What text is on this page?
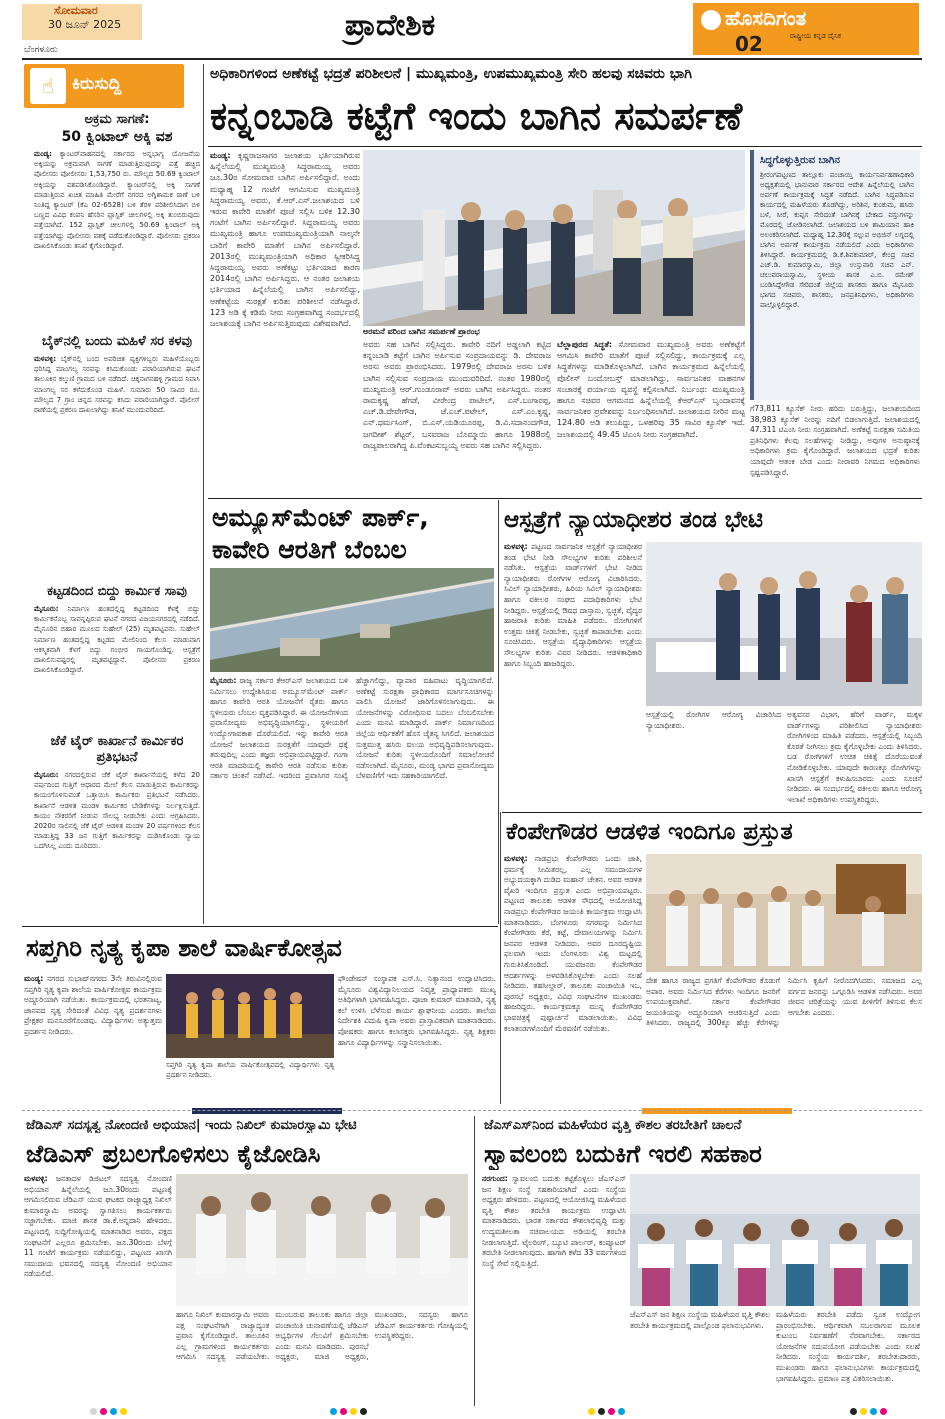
ಸೋಮವಾರ
30 ಜೂನ್ 2025
ಬೆಂಗಳೂರು
ಪ್ರಾದೇಶಿಕ	ಹೊಸದಿಗಂತ
ರಾಷ್ಟ್ರೀಯ ಕನ್ನಡ ದೈನಿಕ
02
☝	ಕಿರುಸುದ್ದಿ
ಅಕ್ರಮ ಸಾಗಣೆ:
50 ಕ್ವಿಂಟಾಲ್ ಅಕ್ಕಿ ವಶ
ಮಂಡ್ಯ: ಕ್ಯಾಂಟರ್‌ವಾಹನದಲ್ಲಿ ಸರ್ಕಾರದ ಅನ್ನಭಾಗ್ಯ ಯೋಜನೆಯ ಅಕ್ಕಿಯನ್ನು ಅಕ್ರಮವಾಗಿ ಸಾಗಣೆ ಮಾಡುತ್ತಿರುವುದನ್ನು ಪತ್ತೆ ಹಚ್ಚಿದ ಪೊಲೀಸರು ಪೋಲೀಸರು 1,53,750 ರು. ಮೌಲ್ಯದ 50.69 ಕ್ವಿಂಟಾಲ್ ಅಕ್ಕಿಯನ್ನು ವಶಪಡಿಸಿಕೊಂಡಿದ್ದಾರೆ. ಕ್ಯಾಂಟರ್‌ನಲ್ಲಿ ಅಕ್ಕಿ ಸಾಗಣೆ ಮಾಡುತ್ತಿರುವ ಖಚಿತ ಮಾಹಿತಿ ಮೇರೆಗೆ ನಗರದ ಅಗ್ನಿಶಾಮಕ ಠಾಣೆ ಬಳಿ ನಿಂತಿದ್ದ ಕ್ಯಾಂಟರ್ (ಕೆಎ 02-6528) ಬಳಿ ತೆರಳಿ ಪರಿಶೀಲಿಸಿದಾಗ ಬಿಳಿ ಬಣ್ಣದ ವಿವಿಧ ಕಂಪನಿ ಹೆಸರಿನ ಪ್ಲಾಸ್ಟಿಕ್ ಚೀಲಗಳಲ್ಲಿ ಅಕ್ಕಿ ತುಂಬಿರುವುದು ಪತ್ತೆಯಾಗಿದೆ. 152 ಪ್ಲಾಸ್ಟಿಕ್ ಚೀಲಗಳಲ್ಲಿ 50.69 ಕ್ವಿಂಟಾಲ್ ಅಕ್ಕಿ ಪತ್ತೆಯಾಗಿದ್ದು ಪೊಲೀಸರು ವಶಕ್ಕೆ ಪಡೆದುಕೊಂಡಿದ್ದಾರೆ. ಪೊಲೀಸರು ಪ್ರಕರಣ ದಾಖಲಿಸಿಕೊಂಡು ತನಿಖೆ ಕೈಗೊಂಡಿದ್ದಾರೆ.
ಬೈಕ್‌ನಲ್ಲಿ ಬಂದು ಮಹಿಳೆ ಸರ ಕಳವು
ಮಳವಳ್ಳಿ: ಬೈಕ್‌ನಲ್ಲಿ ಬಂದ ಅಪರಿಚಿತ ವ್ಯಕ್ತಿಗಳಿಬ್ಬರು ಮಹಿಳೆಯೊಬ್ಬರು ಧರಿಸಿದ್ದ ಮಾಂಗಲ್ಯ ಸರವನ್ನು ಕಸಿದುಕೊಂಡು ಪರಾರಿಯಾಗಿರುವ ಘಟನೆ ತಾಲೂಕಿನ ಕಲ್ಕುಣಿ ಗ್ರಾಮದ ಬಳಿ ನಡೆದಿದೆ. ಚಿಕ್ಕನಾಗನಹಳ್ಳಿ ಗ್ರಾಮದ ನಿವಾಸಿ ಮಾಂಗಲ್ಯ ಸರ ಕಳೆದುಕೊಂಡ ಮಹಿಳೆ. ಸುಮಾರು 50 ಸಾವಿರ ರೂ. ಮೌಲ್ಯದ 7 ಗ್ರಾಂ ಚಿನ್ನದ ಸರವನ್ನು ಕಸಿದು ಪರಾರಿಯಾಗಿದ್ದಾರೆ. ಪೊಲೀಸ್ ಠಾಣೆಯಲ್ಲಿ ಪ್ರಕರಣ ದಾಖಲಾಗಿದ್ದು ತನಿಖೆ ಮುಂದುವರಿದಿದೆ.
ಕಟ್ಟಡದಿಂದ ಬಿದ್ದು ಕಾರ್ಮಿಕ ಸಾವು
ಮೈಸೂರು: ನಿರ್ಮಾಣ ಹಂತದಲ್ಲಿದ್ದ ಕಟ್ಟಡದಿಂದ ಕೆಳಕ್ಕೆ ಬಿದ್ದು ಕಾರ್ಮಿಕನೊಬ್ಬ ಸಾವನ್ನಪ್ಪಿರುವ ಘಟನೆ ನಗರದ ವಿಜಯನಗರದಲ್ಲಿ ನಡೆದಿದೆ. ಮೈಸೂರಿನ ಬಿಹಾರ ಮೂಲದ ಸುಹೇಲ್ (25) ಮೃತಪಟ್ಟವನು. ಸುಹೇಲ್ ನಿರ್ಮಾಣ ಹಂತದಲ್ಲಿದ್ದ ಕಟ್ಟಡದ ಮೇಲಿನಿಂದ ಕೆಲಸ ಮಾಡುವಾಗ ಆಕಸ್ಮಿಕವಾಗಿ ಕೆಳಗೆ ಬಿದ್ದು ಗಂಭೀರ ಗಾಯಗೊಂಡಿದ್ದ. ಆಸ್ಪತ್ರೆಗೆ ದಾಖಲಿಸುವಷ್ಟರಲ್ಲಿ ಮೃತಪಟ್ಟಿದ್ದಾನೆ. ಪೊಲೀಸರು ಪ್ರಕರಣ ದಾಖಲಿಸಿಕೊಂಡಿದ್ದಾರೆ.
ಜೆಕೆ ಟೈರ್ ಕಾರ್ಖಾನೆ ಕಾರ್ಮಿಕರ ಪ್ರತಿಭಟನೆ
ಮೈಸೂರು: ನಗರದಲ್ಲಿರುವ ಜೆಕೆ ಟೈರ್ ಕಾರ್ಖಾನೆಯಲ್ಲಿ ಕಳೆದ 20 ವರ್ಷದಿಂದ ಗುತ್ತಿಗೆ ಆಧಾರದ ಮೇಲೆ ಕೆಲಸ ಮಾಡುತ್ತಿರುವ ಕಾರ್ಮಿಕರನ್ನು ಕಾಯಂಗೊಳಿಸುವಂತೆ ಒತ್ತಾಯಿಸಿ ಕಾರ್ಮಿಕರು ಪ್ರತಿಭಟನೆ ನಡೆಸಿದರು. ಕಾರ್ಖಾನೆ ಆಡಳಿತ ಮಂಡಳಿ ಕಾರ್ಮಿಕರ ಬೇಡಿಕೆಗಳನ್ನು ನಿರ್ಲಕ್ಷಿಸುತ್ತಿದೆ. ಕಾಯಂ ನೌಕರರಿಗೆ ನೀಡುವ ಸೌಲಭ್ಯ ನೀಡಬೇಕು ಎಂದು ಆಗ್ರಹಿಸಿದರು. 2020ರ ಸಾಲಿನಲ್ಲಿ ಜೆಕೆ ಟೈರ್ ಆಡಳಿತ ಮಂಡಳಿ 20 ವರ್ಷಗಳಿಂದ ಕೆಲಸ ಮಾಡುತ್ತಿದ್ದ 33 ಜನ ಗುತ್ತಿಗೆ ಕಾರ್ಮಿಕರನ್ನು ದುಡಿಸಿಕೊಂಡು ನ್ಯಾಯ ಒದಗಿಸಿಲ್ಲ ಎಂದು ದೂರಿದರು.
ಅಧಿಕಾರಿಗಳಿಂದ ಅಣೆಕಟ್ಟೆ ಭದ್ರತೆ ಪರಿಶೀಲನೆ | ಮುಖ್ಯಮಂತ್ರಿ, ಉಪಮುಖ್ಯಮಂತ್ರಿ ಸೇರಿ ಹಲವು ಸಚಿವರು ಭಾಗಿ
ಕನ್ನಂಬಾಡಿ ಕಟ್ಟೆಗೆ ಇಂದು ಬಾಗಿನ ಸಮರ್ಪಣೆ
ಮಂಡ್ಯ: ಕೃಷ್ಣರಾಜಸಾಗರ ಜಲಾಶಯ ಭರ್ತಿಯಾಗಿರುವ ಹಿನ್ನೆಲೆಯಲ್ಲಿ ಮುಖ್ಯಮಂತ್ರಿ ಸಿದ್ದರಾಮಯ್ಯ ಅವರು ಜೂ.30ರ ಸೋಮವಾರ ಬಾಗಿನ ಅರ್ಪಿಸಲಿದ್ದಾರೆ. ಅಂದು ಮಧ್ಯಾಹ್ನ 12 ಗಂಟೆಗೆ ಆಗಮಿಸುವ ಮುಖ್ಯಮಂತ್ರಿ ಸಿದ್ದರಾಮಯ್ಯ ಅವರು, ಕೆ.ಆರ್.ಎಸ್.ಜಲಾಶಯದ ಬಳಿ ಇರುವ ಕಾವೇರಿ ಮಾತೆಗೆ ಪೂಜೆ ಸಲ್ಲಿಸಿ ಬಳಿಕ 12.30 ಗಂಟೆಗೆ ಬಾಗಿನ ಅರ್ಪಿಸಲಿದ್ದಾರೆ. ಸಿದ್ದರಾಮಯ್ಯ ಅವರು ಮುಖ್ಯಮಂತ್ರಿ ಹಾಗೂ ಉಪಮುಖ್ಯಮಂತ್ರಿಯಾಗಿ ನಾಲ್ಕನೇ ಬಾರಿಗೆ ಕಾವೇರಿ ಮಾತೆಗೆ ಬಾಗಿನ ಅರ್ಪಿಸಲಿದ್ದಾರೆ. 2013ರಲ್ಲಿ ಮುಖ್ಯಮಂತ್ರಿಯಾಗಿ ಅಧಿಕಾರ ಸ್ವೀಕರಿಸಿದ್ದ ಸಿದ್ದರಾಮಯ್ಯ ಅವರು ಅಣೆಕಟ್ಟು ಭರ್ತಿಯಾದ ಕಾರಣ 2014ರಲ್ಲಿ ಬಾಗಿನ ಅರ್ಪಿಸಿದ್ದರು. ಆ ನಂತರ ಜಲಾಶಯ ಭರ್ತಿಯಾದ ಹಿನ್ನೆಲೆಯಲ್ಲಿ ಬಾಗಿನ ಅರ್ಪಿಸಲಿದ್ದು, ಅಣೆಕಟ್ಟೆಯ ಸುರಕ್ಷತೆ ಕುರಿತು ಪರಿಶೀಲನೆ ನಡೆಸಿದ್ದಾರೆ. 123 ಅಡಿ ಕ್ಕೆ ಕಡಿಮೆ ನೀರು ಸಂಗ್ರಹವಾಗಿದ್ದ ಸಂದರ್ಭದಲ್ಲಿ ಜಲಾಶಯಕ್ಕೆ ಬಾಗಿನ ಅರ್ಪಿಸುತ್ತಿರುವುದು ವಿಶೇಷವಾಗಿದೆ.
ಅರಮನೆ ವರಿಂದ ಬಾಗಿನ ಸಮರ್ಪಣೆ ಪ್ರಾರಂಭ
ಅವರು ಸಹ ಬಾಗಿನ ಸಲ್ಲಿಸಿದ್ದರು. ಕಾವೇರಿ ನದಿಗೆ ಅಡ್ಡಲಾಗಿ ಕಟ್ಟಿದ ಕನ್ನಂಬಾಡಿ ಕಟ್ಟೆಗೆ ಬಾಗಿನ ಅರ್ಪಿಸುವ ಸಂಪ್ರದಾಯವನ್ನು ಡಿ. ದೇವರಾಜ ಅರಸು ಅವರು ಪ್ರಾರಂಭಿಸಿದರು. 1979ರಲ್ಲಿ ದೇವರಾಜ ಅರಸು ಬಳಿಕ ಬಾಗಿನ ಸಲ್ಲಿಸುವ ಸಂಪ್ರದಾಯ ಮುಂದುವರಿದಿದೆ. ನಂತರ 1980ರಲ್ಲಿ ಮುಖ್ಯಮಂತ್ರಿ ಆರ್.ಗುಂಡೂರಾವ್ ಅವರು ಬಾಗಿನ ಅರ್ಪಿಸಿದ್ದರು. ನಂತರ ರಾಮಕೃಷ್ಣ ಹೆಗಡೆ, ವೀರೇಂದ್ರ ಪಾಟೀಲ್, ಎಸ್.ಬಂಗಾರಪ್ಪ, ಎಚ್.ಡಿ.ದೇವೇಗೌಡ, ಜೆ.ಎಚ್.ಪಟೇಲ್, ಎಸ್.ಎಂ.ಕೃಷ್ಣ, ಎನ್.ಧರ್ಮಸಿಂಗ್, ಬಿ.ಎಸ್.ಯಡಿಯೂರಪ್ಪ, ಡಿ.ವಿ.ಸದಾನಂದಗೌಡ, ಜಗದೀಶ್ ಶೆಟ್ಟರ್, ಬಸವರಾಜ ಬೊಮ್ಮಾಯಿ ಹಾಗೂ 1988ರಲ್ಲಿ ರಾಜ್ಯಪಾಲರಾಗಿದ್ದ ಪಿ.ವೆಂಕಟಸುಬ್ಬಯ್ಯ ಅವರು ಸಹ ಬಾಗಿನ ಸಲ್ಲಿಸಿದ್ದರು.
ಬೆಲ್ಲಾಪುರದ ಸಿದ್ಧತೆ: ಸೋಮವಾರ ಮುಖ್ಯಮಂತ್ರಿ ಅವರು ಅಣೆಕಟ್ಟೆಗೆ ಆಗಮಿಸಿ ಕಾವೇರಿ ಮಾತೆಗೆ ಪೂಜೆ ಸಲ್ಲಿಸಲಿದ್ದು, ಕಾರ್ಯಕ್ರಮಕ್ಕೆ ಎಲ್ಲ ಸಿದ್ಧತೆಗಳನ್ನು ಮಾಡಿಕೊಳ್ಳಲಾಗಿದೆ. ಬಾಗಿನ ಕಾರ್ಯಕ್ರಮದ ಹಿನ್ನೆಲೆಯಲ್ಲಿ ಪೊಲೀಸ್ ಬಂದೋಬಸ್ತ್ ಮಾಡಲಾಗಿದ್ದು, ಸಾರ್ವಜನಿಕರ ವಾಹನಗಳ ಸಂಚಾರಕ್ಕೆ ಪರ್ಯಾಯ ವ್ಯವಸ್ಥೆ ಕಲ್ಪಿಸಲಾಗಿದೆ. ನಿರ್ಬಂಧ: ಮುಖ್ಯಮಂತ್ರಿ ಹಾಗೂ ಸಚಿವರ ಆಗಮನದ ಹಿನ್ನೆಲೆಯಲ್ಲಿ ಕೆಆರ್‌ಎಸ್ ಬೃಂದಾವನಕ್ಕೆ ಸಾರ್ವಜನಿಕರ ಪ್ರವೇಶವನ್ನು ನಿರ್ಬಂಧಿಸಲಾಗಿದೆ. ಜಲಾಶಯದ ನೀರಿನ ಮಟ್ಟ 124.80 ಅಡಿ ತಲುಪಿದ್ದು, ಒಳಹರಿವು 35 ಸಾವಿರ ಕ್ಯೂಸೆಕ್ ಇದೆ. ಜಲಾಶಯದಲ್ಲಿ 49.45 ಟಿಎಂಸಿ ನೀರು ಸಂಗ್ರಹವಾಗಿದೆ.
ಸಿದ್ಧಗೊಳ್ಳುತ್ತಿರುವ ಬಾಗಿನ
ಶ್ರೀರಂಗಪಟ್ಟಣದ ತಾಲ್ಲೂಕು ಪಂಚಾಯ್ತಿ ಕಾರ್ಯನಿರ್ವಹಣಾಧಿಕಾರಿ ಅಧ್ಯಕ್ಷತೆಯಲ್ಲಿ ಭಾನುವಾರ ಸರ್ಕಾರದ ಆದೇಶ ಹಿನ್ನೆಲೆಯಲ್ಲಿ ಬಾಗಿನ ಅರ್ಪಣೆ ಕಾರ್ಯಕ್ರಮಕ್ಕೆ ಸಿದ್ಧತೆ ನಡೆದಿದೆ. ಬಾಗಿನ ಸಿದ್ಧಪಡಿಸುವ ಕಾರ್ಯದಲ್ಲಿ ಮಹಿಳೆಯರು ತೊಡಗಿದ್ದು, ಅರಿಶಿನ, ಕುಂಕುಮ, ಹಸಿರು ಬಳೆ, ಸೀರೆ, ಕುಪ್ಪಸ ಸೇರಿದಂತೆ ಬಾಗಿನಕ್ಕೆ ಬೇಕಾದ ವಸ್ತುಗಳನ್ನು ಮೊರದಲ್ಲಿ ಜೋಡಿಸಲಾಗಿದೆ. ಜಲಾಶಯದ ಬಳಿ ಶಾಮಿಯಾನ ಹಾಕಿ ಅಲಂಕರಿಸಲಾಗಿದೆ. ಮಧ್ಯಾಹ್ನ 12.30ಕ್ಕೆ ಸಲ್ಲುವ ಅಭಿಜಿನ್ ಲಗ್ನದಲ್ಲಿ ಬಾಗಿನ ಅರ್ಪಣೆ ಕಾರ್ಯಕ್ರಮ ನಡೆಯಲಿದೆ ಎಂದು ಅಧಿಕಾರಿಗಳು ತಿಳಿಸಿದ್ದಾರೆ. ಕಾರ್ಯಕ್ರಮದಲ್ಲಿ ಡಿ.ಕೆ.ಶಿವಕುಮಾರ್, ಕೇಂದ್ರ ಸಚಿವ ಎಚ್.ಡಿ. ಕುಮಾರಸ್ವಾಮಿ, ಜಿಲ್ಲಾ ಉಸ್ತುವಾರಿ ಸಚಿವ ಎನ್. ಚಲುವರಾಯಸ್ವಾಮಿ, ಸ್ಥಳೀಯ ಶಾಸಕ ಎ.ಬಿ. ರಮೇಶ್ ಬಂಡಿಸಿದ್ದೇಗೌಡ ಸೇರಿದಂತೆ ಜಿಲ್ಲೆಯ ಶಾಸಕರು ಹಾಗೂ ಮೈಸೂರು ಭಾಗದ ಸಚಿವರು, ಶಾಸಕರು, ಜನಪ್ರತಿನಿಧಿಗಳು, ಅಧಿಕಾರಿಗಳು ಪಾಲ್ಗೊಳ್ಳಲಿದ್ದಾರೆ.
ಗೆ73,811 ಕ್ಯೂಸೆಕ್ ನೀರು ಹರಿದು ಬರುತ್ತಿದ್ದು, ಜಲಾಶಯದಿಂದ 38,983 ಕ್ಯೂಸೆಕ್ ನೀರನ್ನು ನದಿಗೆ ಬಿಡಲಾಗುತ್ತಿದೆ. ಜಲಾಶಯದಲ್ಲಿ 47.311 ಟಿಎಂಸಿ ನೀರು ಸಂಗ್ರಹವಾಗಿದೆ. ಅಣೆಕಟ್ಟೆ ಸುರಕ್ಷತಾ ಸಮಿತಿಯ ಪ್ರತಿನಿಧಿಗಳು ಕೆಲವು ಸಲಹೆಗಳನ್ನು ನೀಡಿದ್ದು, ಅವುಗಳ ಅನುಷ್ಠಾನಕ್ಕೆ ಅಧಿಕಾರಿಗಳು ಕ್ರಮ ಕೈಗೊಂಡಿದ್ದಾರೆ. ಜಲಾಶಯದ ಭದ್ರತೆ ಕುರಿತು ಯಾವುದೇ ಆತಂಕ ಬೇಡ ಎಂದು ನೀರಾವರಿ ನಿಗಮದ ಅಧಿಕಾರಿಗಳು ಸ್ಪಷ್ಟಪಡಿಸಿದ್ದಾರೆ.
ಅಮ್ಯೂಸ್‌ಮೆಂಟ್ ಪಾರ್ಕ್,
ಕಾವೇರಿ ಆರತಿಗೆ ಬೆಂಬಲ
ಮೈಸೂರು: ರಾಜ್ಯ ಸರ್ಕಾರ ಕೆಆರ್‌ಎಸ್ ಜಲಾಶಯದ ಬಳಿ ನಿರ್ಮಿಸಲು ಉದ್ದೇಶಿಸಿರುವ ಅಮ್ಯೂಸ್‌ಮೆಂಟ್ ಪಾರ್ಕ್ ಹಾಗೂ ಕಾವೇರಿ ಆರತಿ ಯೋಜನೆಗೆ ರೈತರು ಹಾಗೂ ಸ್ಥಳೀಯರು ಬೆಂಬಲ ವ್ಯಕ್ತಪಡಿಸಿದ್ದಾರೆ. ಈ ಯೋಜನೆಗಳಿಂದ ಪ್ರವಾಸೋದ್ಯಮ ಅಭಿವೃದ್ಧಿಯಾಗಲಿದ್ದು, ಸ್ಥಳೀಯರಿಗೆ ಉದ್ಯೋಗಾವಕಾಶ ದೊರೆಯಲಿದೆ. ಇನ್ನು ಕಾವೇರಿ ಆರತಿ ಯೋಜನೆ ಜಲಾಶಯದ ಸುರಕ್ಷತೆಗೆ ಯಾವುದೇ ಧಕ್ಕೆ ತರುವುದಿಲ್ಲ ಎಂದು ತಜ್ಞರು ಅಭಿಪ್ರಾಯಪಟ್ಟಿದ್ದಾರೆ. ಗಂಗಾ ಆರತಿ ಮಾದರಿಯಲ್ಲಿ ಕಾವೇರಿ ಆರತಿ ನಡೆಸುವ ಕುರಿತು ಸರ್ಕಾರ ಚಿಂತನೆ ನಡೆಸಿದೆ. ಇದರಿಂದ ಪ್ರವಾಸಿಗರ ಸಂಖ್ಯೆ ಹೆಚ್ಚಾಗಲಿದ್ದು, ವ್ಯಾಪಾರ ವಹಿವಾಟು ವೃದ್ಧಿಯಾಗಲಿದೆ. ಅಣೆಕಟ್ಟೆ ಸುರಕ್ಷತಾ ಪ್ರಾಧಿಕಾರದ ಮಾರ್ಗಸೂಚಿಗಳನ್ನು ಪಾಲಿಸಿ ಯೋಜನೆ ಜಾರಿಗೊಳಿಸಲಾಗುವುದು. ಈ ಯೋಜನೆಗಳನ್ನು ವಿರೋಧಿಸುವ ಬದಲು ಬೆಂಬಲಿಸಬೇಕು ಎಂದು ಮನವಿ ಮಾಡಿದ್ದಾರೆ. ಪಾರ್ಕ್ ನಿರ್ಮಾಣದಿಂದ ಜಿಲ್ಲೆಯ ಆರ್ಥಿಕತೆಗೆ ಹೊಸ ಚೈತನ್ಯ ಸಿಗಲಿದೆ. ಜಲಾಶಯದ ಸುತ್ತಮುತ್ತ ಹಸಿರು ವಲಯ ಅಭಿವೃದ್ಧಿಪಡಿಸಲಾಗುವುದು. ಯೋಜನೆ ಕುರಿತು ಸ್ಥಳೀಯರೊಂದಿಗೆ ಸಮಾಲೋಚನೆ ನಡೆಸಲಾಗಿದೆ. ಮೈಸೂರು, ಮಂಡ್ಯ ಭಾಗದ ಪ್ರವಾಸೋದ್ಯಮ ಬೆಳವಣಿಗೆಗೆ ಇದು ಸಹಕಾರಿಯಾಗಲಿದೆ.
ಆಸ್ಪತ್ರೆಗೆ ನ್ಯಾಯಾಧೀಶರ ತಂಡ ಭೇಟಿ
ಮಳವಳ್ಳಿ: ಪಟ್ಟಣದ ಸಾರ್ವಜನಿಕ ಆಸ್ಪತ್ರೆಗೆ ನ್ಯಾಯಾಧೀಶರ ತಂಡ ಭೇಟಿ ನೀಡಿ ಸೌಲಭ್ಯಗಳ ಕುರಿತು ಪರಿಶೀಲನೆ ನಡೆಸಿತು. ಆಸ್ಪತ್ರೆಯ ವಾರ್ಡ್‌ಗಳಿಗೆ ಭೇಟಿ ನೀಡಿದ ನ್ಯಾಯಾಧೀಶರು ರೋಗಿಗಳ ಆರೋಗ್ಯ ವಿಚಾರಿಸಿದರು. ಸಿವಿಲ್ ನ್ಯಾಯಾಧೀಶರು, ಹಿರಿಯ ಸಿವಿಲ್ ನ್ಯಾಯಾಧೀಶರು ಹಾಗೂ ವಕೀಲರ ಸಂಘದ ಪದಾಧಿಕಾರಿಗಳು ಭೇಟಿ ನೀಡಿದ್ದರು. ಆಸ್ಪತ್ರೆಯಲ್ಲಿ ಔಷಧ ದಾಸ್ತಾನು, ಸ್ವಚ್ಛತೆ, ವೈದ್ಯರ ಹಾಜರಾತಿ ಕುರಿತು ಮಾಹಿತಿ ಪಡೆದರು. ರೋಗಿಗಳಿಗೆ ಉತ್ತಮ ಚಿಕಿತ್ಸೆ ನೀಡಬೇಕು, ಸ್ವಚ್ಛತೆ ಕಾಪಾಡಬೇಕು ಎಂದು ಸೂಚಿಸಿದರು. ಆಸ್ಪತ್ರೆಯ ವೈದ್ಯಾಧಿಕಾರಿಗಳು ಆಸ್ಪತ್ರೆಯ ಸೌಲಭ್ಯಗಳ ಕುರಿತು ವಿವರ ನೀಡಿದರು. ಆಡಳಿತಾಧಿಕಾರಿ ಹಾಗೂ ಸಿಬ್ಬಂದಿ ಹಾಜರಿದ್ದರು.
ಆಸ್ಪತ್ರೆಯಲ್ಲಿ ರೋಗಿಗಳ ಆರೋಗ್ಯ ವಿಚಾರಿಸಿದ ನ್ಯಾಯಾಧೀಶರು.
ಅತ್ಯವಸರ ವಿಭಾಗ, ಹೆರಿಗೆ ವಾರ್ಡ್, ಮಕ್ಕಳ ವಾರ್ಡ್‌ಗಳನ್ನು ಪರಿಶೀಲಿಸಿದ ನ್ಯಾಯಾಧೀಶರು ರೋಗಿಗಳಿಂದ ಮಾಹಿತಿ ಪಡೆದರು. ಆಸ್ಪತ್ರೆಯಲ್ಲಿ ಸಿಬ್ಬಂದಿ ಕೊರತೆ ನೀಗಿಸಲು ಕ್ರಮ ಕೈಗೊಳ್ಳಬೇಕು ಎಂದು ತಿಳಿಸಿದರು. ಬಡ ರೋಗಿಗಳಿಗೆ ಉಚಿತ ಚಿಕಿತ್ಸೆ ದೊರೆಯುವಂತೆ ನೋಡಿಕೊಳ್ಳಬೇಕು. ಯಾವುದೇ ಕಾರಣಕ್ಕೂ ರೋಗಿಗಳನ್ನು ಖಾಸಗಿ ಆಸ್ಪತ್ರೆಗೆ ಕಳುಹಿಸಬಾರದು ಎಂದು ಸೂಚನೆ ನೀಡಿದರು. ಈ ಸಂದರ್ಭದಲ್ಲಿ ವಕೀಲರು ಹಾಗೂ ಆರೋಗ್ಯ ಇಲಾಖೆ ಅಧಿಕಾರಿಗಳು ಉಪಸ್ಥಿತರಿದ್ದರು.
ಕೆಂಪೇಗೌಡರ ಆಡಳಿತ ಇಂದಿಗೂ ಪ್ರಸ್ತುತ
ಮಳವಳ್ಳಿ: ನಾಡಪ್ರಭು ಕೆಂಪೇಗೌಡರು ಒಂದು ಜಾತಿ, ಧರ್ಮಕ್ಕೆ ಸೀಮಿತರಲ್ಲ, ಎಲ್ಲ ಸಮುದಾಯಗಳ ಅಭ್ಯುದಯಕ್ಕಾಗಿ ದುಡಿದ ಮಹಾನ್ ಚೇತನ. ಅವರ ಆಡಳಿತ ವೈಖರಿ ಇಂದಿಗೂ ಪ್ರಸ್ತುತ ಎಂದು ಅಭಿಪ್ರಾಯಪಟ್ಟರು. ಪಟ್ಟಣದ ತಾಲೂಕು ಆಡಳಿತ ಸೌಧದಲ್ಲಿ ಆಯೋಜಿಸಿದ್ದ ನಾಡಪ್ರಭು ಕೆಂಪೇಗೌಡರ ಜಯಂತಿ ಕಾರ್ಯಕ್ರಮ ಉದ್ಘಾಟಿಸಿ ಮಾತನಾಡಿದರು. ಬೆಂಗಳೂರು ನಗರವನ್ನು ನಿರ್ಮಿಸಿದ ಕೆಂಪೇಗೌಡರು ಕೆರೆ, ಕಟ್ಟೆ, ದೇವಾಲಯಗಳನ್ನು ನಿರ್ಮಿಸಿ ಜನಪರ ಆಡಳಿತ ನೀಡಿದರು. ಅವರ ದೂರದೃಷ್ಟಿಯ ಫಲವಾಗಿ ಇಂದು ಬೆಂಗಳೂರು ವಿಶ್ವ ಮಟ್ಟದಲ್ಲಿ ಗುರುತಿಸಿಕೊಂಡಿದೆ. ಯುವಜನರು ಕೆಂಪೇಗೌಡರ ಆದರ್ಶಗಳನ್ನು ಅಳವಡಿಸಿಕೊಳ್ಳಬೇಕು ಎಂದು ಸಲಹೆ ನೀಡಿದರು. ತಹಸೀಲ್ದಾರ್, ತಾಲೂಕು ಪಂಚಾಯಿತಿ ಇಒ, ಪುರಸಭೆ ಅಧ್ಯಕ್ಷರು, ವಿವಿಧ ಸಂಘಟನೆಗಳ ಮುಖಂಡರು ಹಾಜರಿದ್ದರು. ಕಾರ್ಯಕ್ರಮಕ್ಕೂ ಮುನ್ನ ಕೆಂಪೇಗೌಡರ ಭಾವಚಿತ್ರಕ್ಕೆ ಪುಷ್ಪಾರ್ಚನೆ ಮಾಡಲಾಯಿತು. ವಿವಿಧ ಕಲಾತಂಡಗಳೊಂದಿಗೆ ಮೆರವಣಿಗೆ ನಡೆಯಿತು.
ದೇಶ ಹಾಗೂ ರಾಜ್ಯದ ಪ್ರಗತಿಗೆ ಕೆಂಪೇಗೌಡರ ಕೊಡುಗೆ ಅಪಾರ. ಅವರು ನಿರ್ಮಿಸಿದ ಕೆರೆಗಳು ಇಂದಿಗೂ ಜನರಿಗೆ ಉಪಯುಕ್ತವಾಗಿವೆ. ಸರ್ಕಾರ ಕೆಂಪೇಗೌಡರ ಜಯಂತಿಯನ್ನು ಅದ್ದೂರಿಯಾಗಿ ಆಚರಿಸುತ್ತಿದೆ ಎಂದು ತಿಳಿಸಿದರು. ರಾಜ್ಯದಲ್ಲಿ 300ಕ್ಕೂ ಹೆಚ್ಚು ಕೆರೆಗಳನ್ನು ನಿರ್ಮಿಸಿ ಕೃಷಿಗೆ ನೀರೊದಗಿಸಿದರು. ಸಮಾಜದ ಎಲ್ಲ ವರ್ಗದ ಜನರನ್ನು ಒಗ್ಗೂಡಿಸಿ ಆಡಳಿತ ನಡೆಸಿದರು. ಅವರ ಜೀವನ ಚರಿತ್ರೆಯನ್ನು ಯುವ ಪೀಳಿಗೆಗೆ ತಿಳಿಸುವ ಕೆಲಸ ಆಗಬೇಕು ಎಂದರು.
ಸಪ್ತಗಿರಿ ನೃತ್ಯ ಕೃಪಾ ಶಾಲೆ ವಾರ್ಷಿಕೋತ್ಸವ
ಮಂಡ್ಯ: ನಗರದ ಸುಭಾಷ್‌ನಗರದ 3ನೇ ತಿರುವಿನಲ್ಲಿರುವ ಸಪ್ತಗಿರಿ ನೃತ್ಯ ಕೃಪಾ ಶಾಲೆಯ ವಾರ್ಷಿಕೋತ್ಸವ ಕಾರ್ಯಕ್ರಮ ಅದ್ದೂರಿಯಾಗಿ ನಡೆಯಿತು. ಕಾರ್ಯಕ್ರಮದಲ್ಲಿ ಭರತನಾಟ್ಯ, ಜಾನಪದ ನೃತ್ಯ ಸೇರಿದಂತೆ ವಿವಿಧ ನೃತ್ಯ ಪ್ರದರ್ಶನಗಳು ಪ್ರೇಕ್ಷಕರ ಮನಸೂರೆಗೊಂಡವು. ವಿದ್ಯಾರ್ಥಿಗಳು ಅತ್ಯುತ್ತಮ ಪ್ರದರ್ಶನ ನೀಡಿದರು.
ಸಪ್ತಗಿರಿ ನೃತ್ಯ ಕೃಪಾ ಶಾಲೆಯ ವಾರ್ಷಿಕೋತ್ಸವದಲ್ಲಿ ವಿದ್ಯಾರ್ಥಿಗಳು ನೃತ್ಯ ಪ್ರದರ್ಶನ ನೀಡಿದರು.
ಫೌಂಡೇಷನ್ ಸಂಸ್ಥಾಪಕ ಎಸ್.ಸಿ. ನಿತ್ಯಾನಂದ ಉದ್ಘಾಟಿಸಿದರು. ಮೈಸೂರು ವಿಶ್ವವಿದ್ಯಾನಿಲಯದ ನಿವೃತ್ತ ಪ್ರಾಧ್ಯಾಪಕರು ಮುಖ್ಯ ಅತಿಥಿಗಳಾಗಿ ಭಾಗವಹಿಸಿದ್ದರು. ಪೂಜಾ ಕುಮಾರ್ ಮಾತನಾಡಿ, ನೃತ್ಯ ಕಲೆ ಉಳಿಸಿ ಬೆಳೆಸುವ ಕಾರ್ಯ ಶ್ಲಾಘನೀಯ ಎಂದರು. ಶಾಲೆಯ ನಿರ್ದೇಶಕಿ ವಿದುಷಿ ಕೃಪಾ ಅವರು ಪ್ರಾಸ್ತಾವಿಕವಾಗಿ ಮಾತನಾಡಿದರು. ಪೋಷಕರು ಹಾಗೂ ಕಲಾಸಕ್ತರು ಭಾಗವಹಿಸಿದ್ದರು. ನೃತ್ಯ ಶಿಕ್ಷಕರು ಹಾಗೂ ವಿದ್ಯಾರ್ಥಿಗಳನ್ನು ಸನ್ಮಾನಿಸಲಾಯಿತು.
ಜೆಡಿಎಸ್ ಸದಸ್ಯತ್ವ ನೋಂದಣಿ ಅಭಿಯಾನ| ಇಂದು ನಿಖಿಲ್ ಕುಮಾರಸ್ವಾಮಿ ಭೇಟಿ
ಜೆಡಿಎಸ್ ಪ್ರಬಲಗೊಳಿಸಲು ಕೈಜೋಡಿಸಿ
ಮಳವಳ್ಳಿ: ಜನತಾದಳ ಡಿಜಿಟಲ್ ಸದಸ್ಯತ್ವ ನೋಂದಣಿ ಅಭಿಯಾನ ಹಿನ್ನೆಲೆಯಲ್ಲಿ ಜೂ.30ರಂದು ಪಟ್ಟಣಕ್ಕೆ ಆಗಮಿಸಲಿರುವ ಜೆಡಿಎಸ್ ಯುವ ಘಟಕದ ರಾಜ್ಯಾಧ್ಯಕ್ಷ ನಿಖಿಲ್ ಕುಮಾರಸ್ವಾಮಿ ಅವರನ್ನು ಸ್ವಾಗತಿಸಲು ಕಾರ್ಯಕರ್ತರು ಸಜ್ಜಾಗಬೇಕು. ಮಾಜಿ ಶಾಸಕ ಡಾ.ಕೆ.ಅನ್ನದಾನಿ ಹೇಳಿದರು. ಪಟ್ಟಣದಲ್ಲಿ ಸುದ್ದಿಗೋಷ್ಠಿಯಲ್ಲಿ ಮಾತನಾಡಿದ ಅವರು, ಪಕ್ಷದ ಸಂಘಟನೆಗೆ ಎಲ್ಲರೂ ಶ್ರಮಿಸಬೇಕು. ಜೂ.30ರಂದು ಬೆಳಗ್ಗೆ 11 ಗಂಟೆಗೆ ಕಾರ್ಯಕ್ರಮ ನಡೆಯಲಿದ್ದು, ಪಟ್ಟಣದ ಖಾಸಗಿ ಸಮುದಾಯ ಭವನದಲ್ಲಿ ಸದಸ್ಯತ್ವ ನೋಂದಣಿ ಅಭಿಯಾನ ನಡೆಯಲಿದೆ.
ಹಾಗೂ ನಿಖಿಲ್ ಕುಮಾರಸ್ವಾಮಿ ಅವರು ಪಕ್ಷ ಸಂಘಟನೆಗಾಗಿ ರಾಜ್ಯಾದ್ಯಂತ ಪ್ರವಾಸ ಕೈಗೊಂಡಿದ್ದಾರೆ. ತಾಲೂಕಿನ ಎಲ್ಲ ಗ್ರಾಮಗಳಿಂದ ಕಾರ್ಯಕರ್ತರು ಆಗಮಿಸಿ ಸದಸ್ಯತ್ವ ಪಡೆಯಬೇಕು. ಮುಂಬರುವ ತಾಲೂಕು ಹಾಗೂ ಜಿಲ್ಲಾ ಪಂಚಾಯಿತಿ ಚುನಾವಣೆಯಲ್ಲಿ ಜೆಡಿಎಸ್ ಅಭ್ಯರ್ಥಿಗಳ ಗೆಲುವಿಗೆ ಶ್ರಮಿಸಬೇಕು ಎಂದು ಮನವಿ ಮಾಡಿದರು. ಪುರಸಭೆ ಅಧ್ಯಕ್ಷರು, ಮಾಜಿ ಅಧ್ಯಕ್ಷರು, ಮುಖಂಡರು, ಸದಸ್ಯರು ಹಾಗೂ ಜೆಡಿಎಸ್ ಕಾರ್ಯಕರ್ತರು ಗೋಷ್ಠಿಯಲ್ಲಿ ಉಪಸ್ಥಿತರಿದ್ದರು.
ಜೆಎಸ್‌ಎಸ್‌ನಿಂದ ಮಹಿಳೆಯರ ವೃತ್ತಿ ಕೌಶಲ ತರಬೇತಿಗೆ ಚಾಲನೆ
ಸ್ವಾವಲಂಬಿ ಬದುಕಿಗೆ ಇರಲಿ ಸಹಕಾರ
ನರಗುಂದ: ಸ್ವಾವಲಂಬಿ ಬದುಕು ಕಟ್ಟಿಕೊಳ್ಳಲು ಜೆಎಸ್‌ಎಸ್ ಜನ ಶಿಕ್ಷಣ ಸಂಸ್ಥೆ ಸಹಕಾರಿಯಾಗಿದೆ ಎಂದು ಸಂಸ್ಥೆಯ ಅಧ್ಯಕ್ಷರು ಹೇಳಿದರು. ಪಟ್ಟಣದಲ್ಲಿ ಆಯೋಜಿಸಿದ್ದ ಮಹಿಳೆಯರ ವೃತ್ತಿ ಕೌಶಲ ತರಬೇತಿ ಕಾರ್ಯಕ್ರಮ ಉದ್ಘಾಟಿಸಿ ಮಾತನಾಡಿದರು. ಭಾರತ ಸರ್ಕಾರದ ಕೌಶಲಾಭಿವೃದ್ಧಿ ಮತ್ತು ಉದ್ಯಮಶೀಲತಾ ಸಚಿವಾಲಯದ ಅಡಿಯಲ್ಲಿ ತರಬೇತಿ ನೀಡಲಾಗುತ್ತಿದೆ. ಟೈಲರಿಂಗ್, ಬ್ಯೂಟಿ ಪಾರ್ಲರ್, ಕಂಪ್ಯೂಟರ್ ತರಬೇತಿ ನೀಡಲಾಗುವುದು. ಹಾಗಾಗಿ ಕಳೆದ 33 ವರ್ಷಗಳಿಂದ ಸಂಸ್ಥೆ ಸೇವೆ ಸಲ್ಲಿಸುತ್ತಿದೆ.
ಜೆಎಸ್‌ಎಸ್ ಜನ ಶಿಕ್ಷಣ ಸಂಸ್ಥೆಯ ಮಹಿಳೆಯರ ವೃತ್ತಿ ಕೌಶಲ ತರಬೇತಿ ಕಾರ್ಯಕ್ರಮದಲ್ಲಿ ಪಾಲ್ಗೊಂಡ ಫಲಾನುಭವಿಗಳು.
ಮಹಿಳೆಯರು ತರಬೇತಿ ಪಡೆದು ಸ್ವಂತ ಉದ್ಯೋಗ ಪ್ರಾರಂಭಿಸಬೇಕು. ಆರ್ಥಿಕವಾಗಿ ಸಬಲರಾಗುವ ಮೂಲಕ ಕುಟುಂಬ ನಿರ್ವಹಣೆಗೆ ನೆರವಾಗಬೇಕು. ಸರ್ಕಾರದ ಯೋಜನೆಗಳ ಸದುಪಯೋಗ ಪಡೆಯಬೇಕು ಎಂದು ಸಲಹೆ ನೀಡಿದರು. ಸಂಸ್ಥೆಯ ಕಾರ್ಯದರ್ಶಿ, ತರಬೇತುದಾರರು, ಮುಖಂಡರು ಹಾಗೂ ಫಲಾನುಭವಿಗಳು ಕಾರ್ಯಕ್ರಮದಲ್ಲಿ ಭಾಗವಹಿಸಿದ್ದರು. ಪ್ರಮಾಣ ಪತ್ರ ವಿತರಿಸಲಾಯಿತು.
